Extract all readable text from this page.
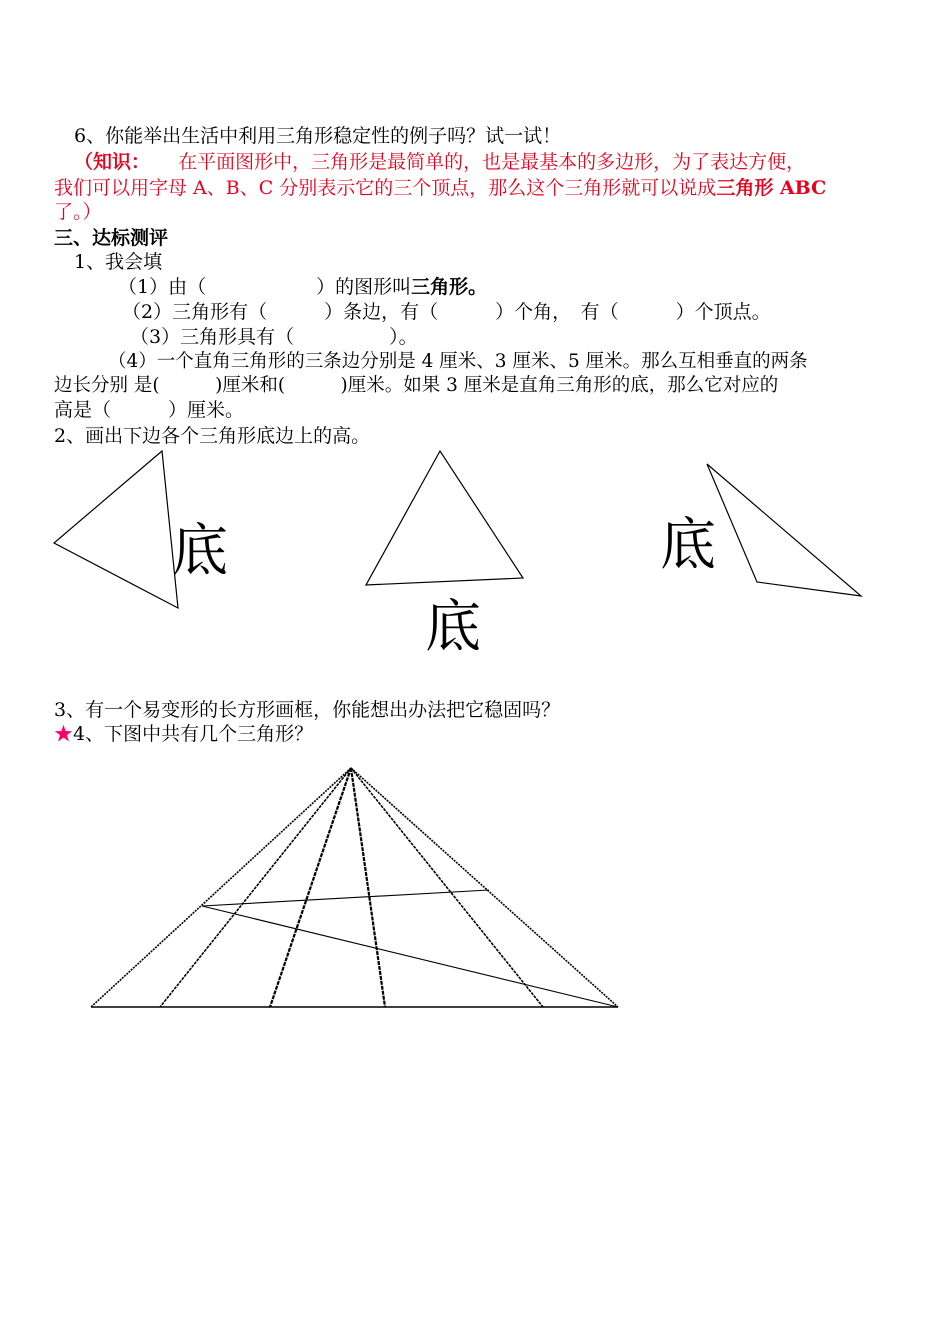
6、你能举出生活中利用三角形稳定性的例子吗？试一试！
（知识： 在平面图形中，三角形是最简单的，也是最基本的多边形，为了表达方便，
我们可以用字母 A、B、C 分别表示它的三个顶点，那么这个三角形就可以说成三角形 ABC
了。）
三、达标测评
1、我会填
（1）由（	）的图形叫三角形。
（2）三角形有（　　　）条边，有（　　　）个角，　有（　　　）个顶点。
（3）三角形具有（　　　　　）。
（4）一个直角三角形的三条边分别是 4 厘米、3 厘米、5 厘米。那么互相垂直的两条
边长分别 是(　　　)厘米和(　　　)厘米。如果 3 厘米是直角三角形的底，那么它对应的
高是（　　　）厘米。
2、画出下边各个三角形底边上的高。
底
底
底
3、有一个易变形的长方形画框，你能想出办法把它稳固吗？
★4、下图中共有几个三角形？
